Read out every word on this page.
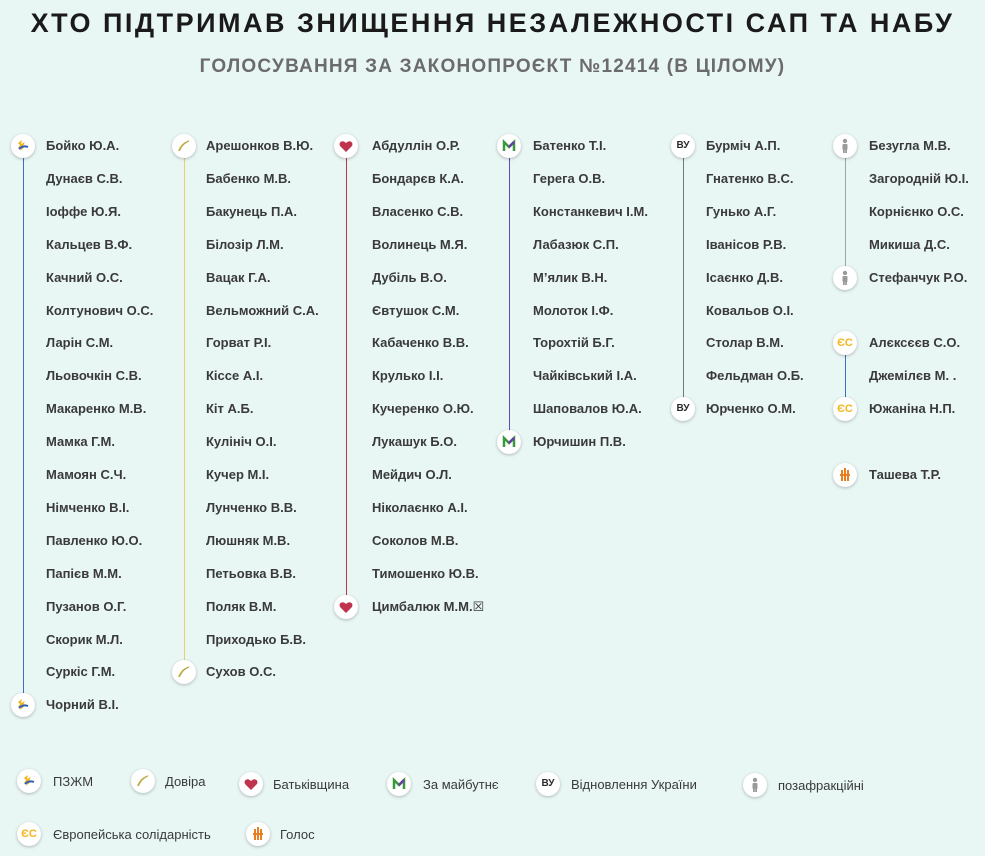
ХТО ПІДТРИМАВ ЗНИЩЕННЯ НЕЗАЛЕЖНОСТІ САП ТА НАБУ
ГОЛОСУВАННЯ ЗА ЗАКОНОПРОЄКТ №12414 (В ЦІЛОМУ)
Бойко Ю.А.
Дунаєв С.В.
Іоффе Ю.Я.
Кальцев В.Ф.
Качний О.С.
Колтунович О.С.
Ларін С.М.
Льовочкін С.В.
Макаренко М.В.
Мамка Г.М.
Мамоян С.Ч.
Німченко В.І.
Павленко Ю.О.
Папієв М.М.
Пузанов О.Г.
Скорик М.Л.
Суркіс Г.М.
Чорний В.І.
Арешонков В.Ю.
Бабенко М.В.
Бакунець П.А.
Білозір Л.М.
Вацак Г.А.
Вельможний С.А.
Горват Р.І.
Кіссе А.І.
Кіт А.Б.
Кулініч О.І.
Кучер М.І.
Лунченко В.В.
Люшняк М.В.
Петьовка В.В.
Поляк В.М.
Приходько Б.В.
Сухов О.С.
Абдуллін О.Р.
Бондарєв К.А.
Власенко С.В.
Волинець М.Я.
Дубіль В.О.
Євтушок С.М.
Кабаченко В.В.
Крулько І.І.
Кучеренко О.Ю.
Лукашук Б.О.
Мейдич О.Л.
Ніколаєнко А.І.
Соколов М.В.
Тимошенко Ю.В.
Цимбалюк М.М.☒
Батенко Т.І.
Герега О.В.
Констанкевич І.М.
Лабазюк С.П.
М’ялик В.Н.
Молоток І.Ф.
Торохтій Б.Г.
Чайківський І.А.
Шаповалов Ю.А.
Юрчишин П.В.
Бурміч А.П.
Гнатенко В.С.
Гунько А.Г.
Іванісов Р.В.
Ісаєнко Д.В.
Ковальов О.І.
Столар В.М.
Фельдман О.Б.
Юрченко О.М.
ВУ
ВУ
Безугла М.В.
Загородній Ю.І.
Корнієнко О.С.
Микиша Д.С.
Стефанчук Р.О.
Алєксєєв С.О.
Джемілєв М. .
Южаніна Н.П.
ЄС
ЄС
Ташева Т.Р.
ПЗЖМ	Довіра	Батьківщина	За майбутнє	ВУ	Відновлення України	позафракційні
ЄС	Європейська солідарність	Голос
